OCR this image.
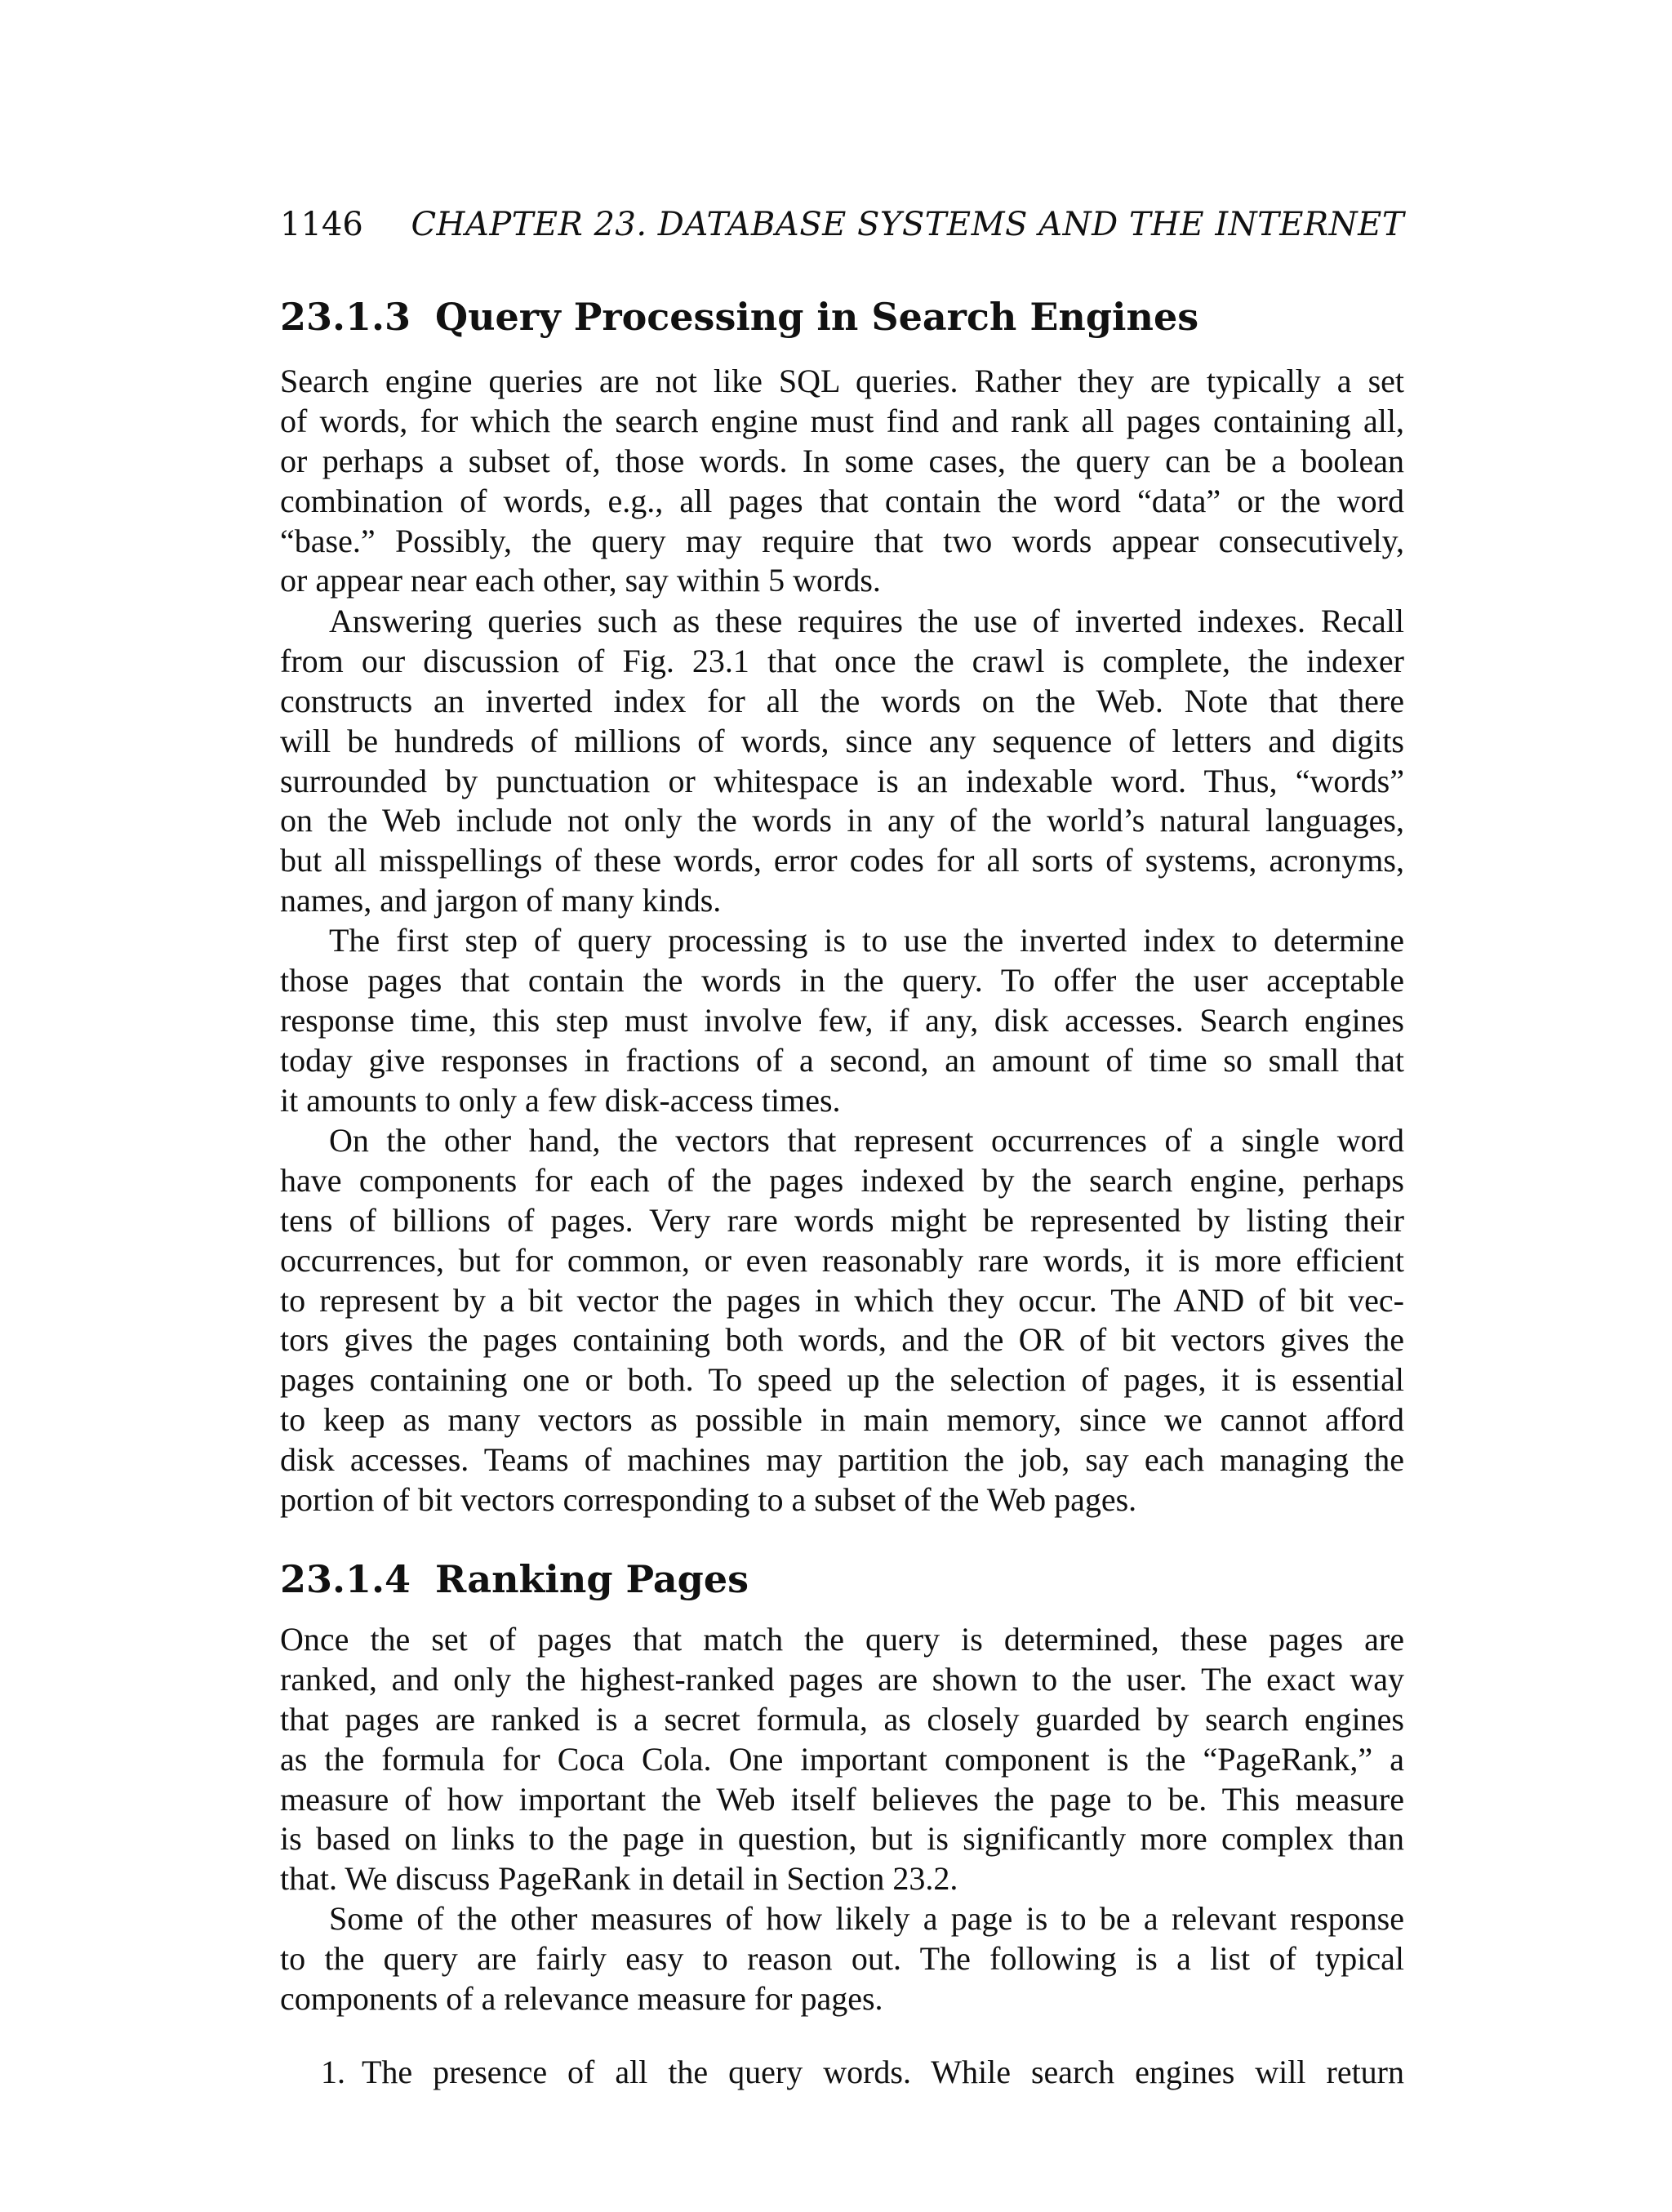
1146 CHAPTER 23. DATABASE SYSTEMS AND THE INTERNET
23.1.3 Query Processing in Search Engines
Search engine queries are not like SQL queries. Rather they are typically a set
of words, for which the search engine must find and rank all pages containing all,
or perhaps a subset of, those words. In some cases, the query can be a boolean
combination of words, e.g., all pages that contain the word “data” or the word
“base.” Possibly, the query may require that two words appear consecutively,
or appear near each other, say within 5 words.
Answering queries such as these requires the use of inverted indexes. Recall
from our discussion of Fig. 23.1 that once the crawl is complete, the indexer
constructs an inverted index for all the words on the Web. Note that there
will be hundreds of millions of words, since any sequence of letters and digits
surrounded by punctuation or whitespace is an indexable word. Thus, “words”
on the Web include not only the words in any of the world’s natural languages,
but all misspellings of these words, error codes for all sorts of systems, acronyms,
names, and jargon of many kinds.
The first step of query processing is to use the inverted index to determine
those pages that contain the words in the query. To offer the user acceptable
response time, this step must involve few, if any, disk accesses. Search engines
today give responses in fractions of a second, an amount of time so small that
it amounts to only a few disk-access times.
On the other hand, the vectors that represent occurrences of a single word
have components for each of the pages indexed by the search engine, perhaps
tens of billions of pages. Very rare words might be represented by listing their
occurrences, but for common, or even reasonably rare words, it is more efficient
to represent by a bit vector the pages in which they occur. The AND of bit vec-
tors gives the pages containing both words, and the OR of bit vectors gives the
pages containing one or both. To speed up the selection of pages, it is essential
to keep as many vectors as possible in main memory, since we cannot afford
disk accesses. Teams of machines may partition the job, say each managing the
portion of bit vectors corresponding to a subset of the Web pages.
23.1.4 Ranking Pages
Once the set of pages that match the query is determined, these pages are
ranked, and only the highest-ranked pages are shown to the user. The exact way
that pages are ranked is a secret formula, as closely guarded by search engines
as the formula for Coca Cola. One important component is the “PageRank,” a
measure of how important the Web itself believes the page to be. This measure
is based on links to the page in question, but is significantly more complex than
that. We discuss PageRank in detail in Section 23.2.
Some of the other measures of how likely a page is to be a relevant response
to the query are fairly easy to reason out. The following is a list of typical
components of a relevance measure for pages.
1. The presence of all the query words. While search engines will return
